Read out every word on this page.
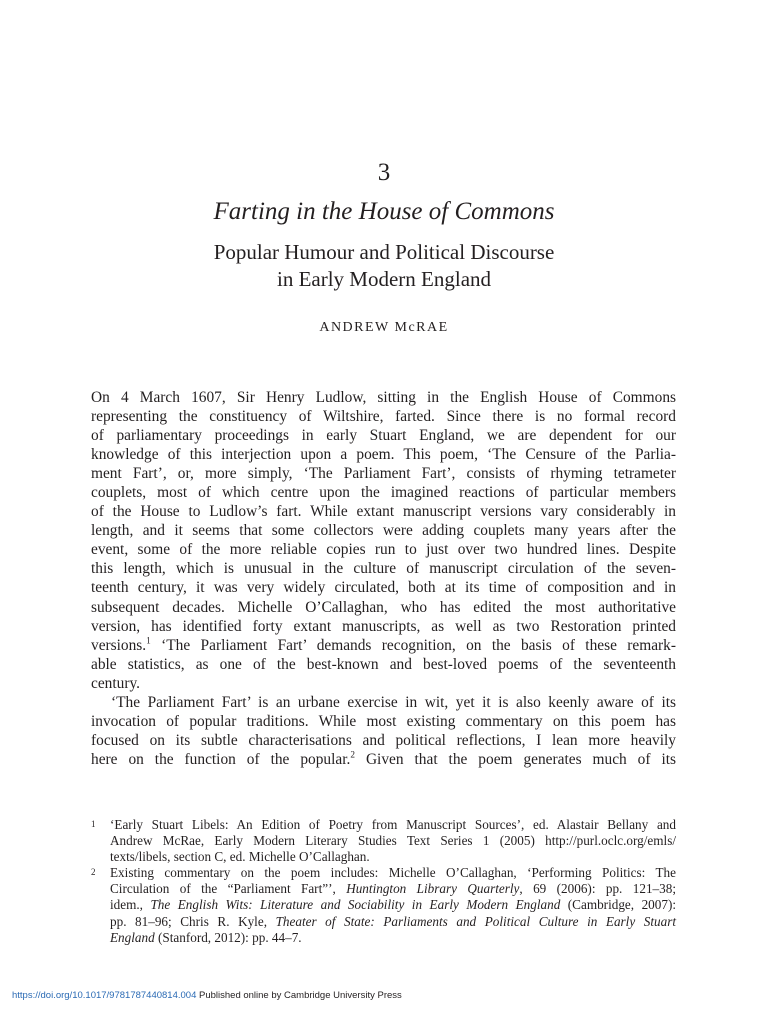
3
Farting in the House of Commons
Popular Humour and Political Discourse
in Early Modern England
ANDREW McRAE
On 4 March 1607, Sir Henry Ludlow, sitting in the English House of Commons
representing the constituency of Wiltshire, farted. Since there is no formal record
of parliamentary proceedings in early Stuart England, we are dependent for our
knowledge of this interjection upon a poem. This poem, ‘The Censure of the Parlia-
ment Fart’, or, more simply, ‘The Parliament Fart’, consists of rhyming tetrameter
couplets, most of which centre upon the imagined reactions of particular members
of the House to Ludlow’s fart. While extant manuscript versions vary considerably in
length, and it seems that some collectors were adding couplets many years after the
event, some of the more reliable copies run to just over two hundred lines. Despite
this length, which is unusual in the culture of manuscript circulation of the seven-
teenth century, it was very widely circulated, both at its time of composition and in
subsequent decades. Michelle O’Callaghan, who has edited the most authoritative
version, has identified forty extant manuscripts, as well as two Restoration printed
versions.$^1$ ‘The Parliament Fart’ demands recognition, on the basis of these remark-
able statistics, as one of the best-known and best-loved poems of the seventeenth
century.
‘The Parliament Fart’ is an urbane exercise in wit, yet it is also keenly aware of its
invocation of popular traditions. While most existing commentary on this poem has
focused on its subtle characterisations and political reflections, I lean more heavily
here on the function of the popular.$^2$ Given that the poem generates much of its
1 ‘Early Stuart Libels: An Edition of Poetry from Manuscript Sources’, ed. Alastair Bellany and
Andrew McRae, Early Modern Literary Studies Text Series 1 (2005) http://purl.oclc.org/emls/
texts/libels, section C, ed. Michelle O’Callaghan.
2 Existing commentary on the poem includes: Michelle O’Callaghan, ‘Performing Politics: The
Circulation of the “Parliament Fart”’, Huntington Library Quarterly, 69 (2006): pp. 121–38;
idem., The English Wits: Literature and Sociability in Early Modern England (Cambridge, 2007):
pp. 81–96; Chris R. Kyle, Theater of State: Parliaments and Political Culture in Early Stuart
England (Stanford, 2012): pp. 44–7.
https://doi.org/10.1017/9781787440814.004 Published online by Cambridge University Press
